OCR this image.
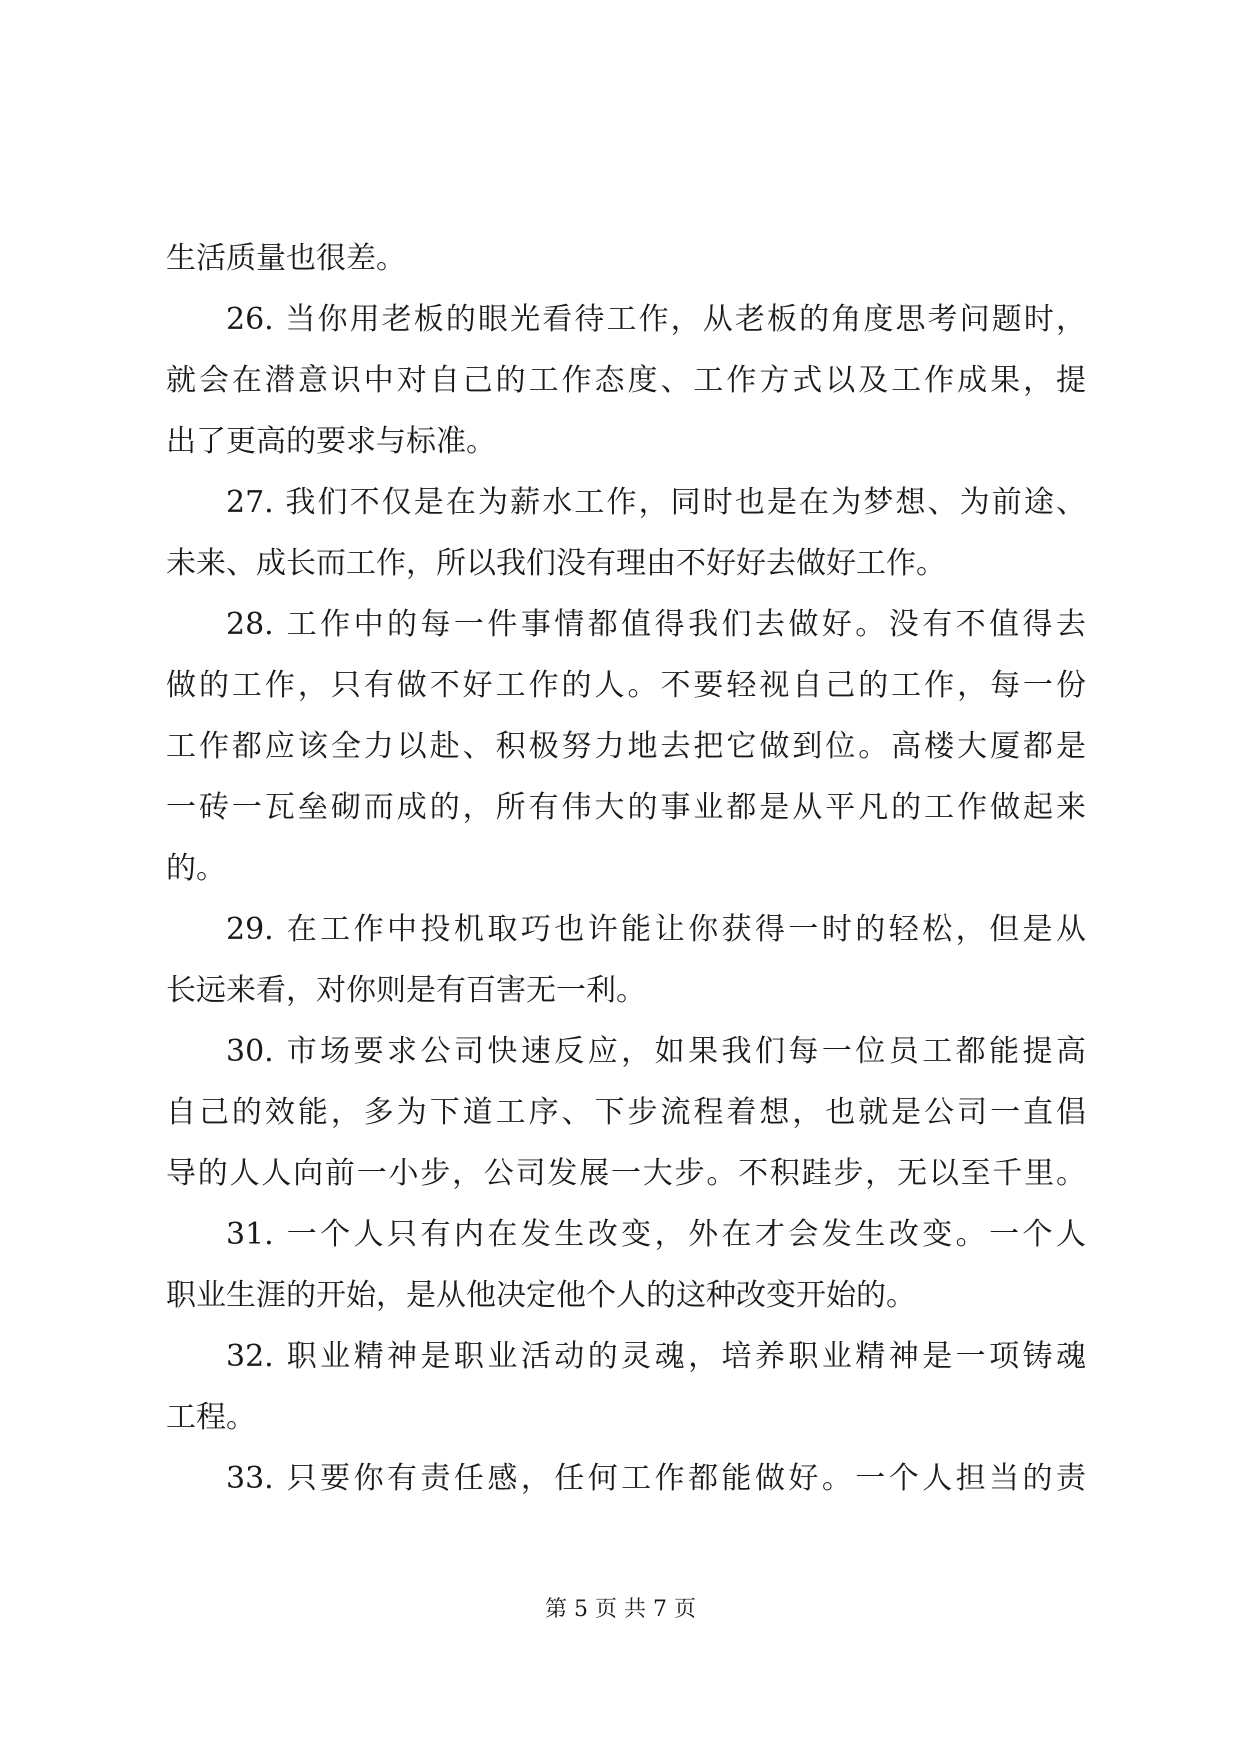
生活质量也很差。
26. 当你用老板的眼光看待工作，从老板的角度思考问题时，
就会在潜意识中对自己的工作态度、工作方式以及工作成果，提
出了更高的要求与标准。
27. 我们不仅是在为薪水工作，同时也是在为梦想、为前途、
未来、成长而工作，所以我们没有理由不好好去做好工作。
28. 工作中的每一件事情都值得我们去做好。没有不值得去
做的工作，只有做不好工作的人。不要轻视自己的工作，每一份
工作都应该全力以赴、积极努力地去把它做到位。高楼大厦都是
一砖一瓦垒砌而成的，所有伟大的事业都是从平凡的工作做起来
的。
29. 在工作中投机取巧也许能让你获得一时的轻松，但是从
长远来看，对你则是有百害无一利。
30. 市场要求公司快速反应，如果我们每一位员工都能提高
自己的效能，多为下道工序、下步流程着想，也就是公司一直倡
导的人人向前一小步，公司发展一大步。不积跬步，无以至千里。
31. 一个人只有内在发生改变，外在才会发生改变。一个人
职业生涯的开始，是从他决定他个人的这种改变开始的。
32. 职业精神是职业活动的灵魂，培养职业精神是一项铸魂
工程。
33. 只要你有责任感，任何工作都能做好。一个人担当的责
第 5 页 共 7 页
